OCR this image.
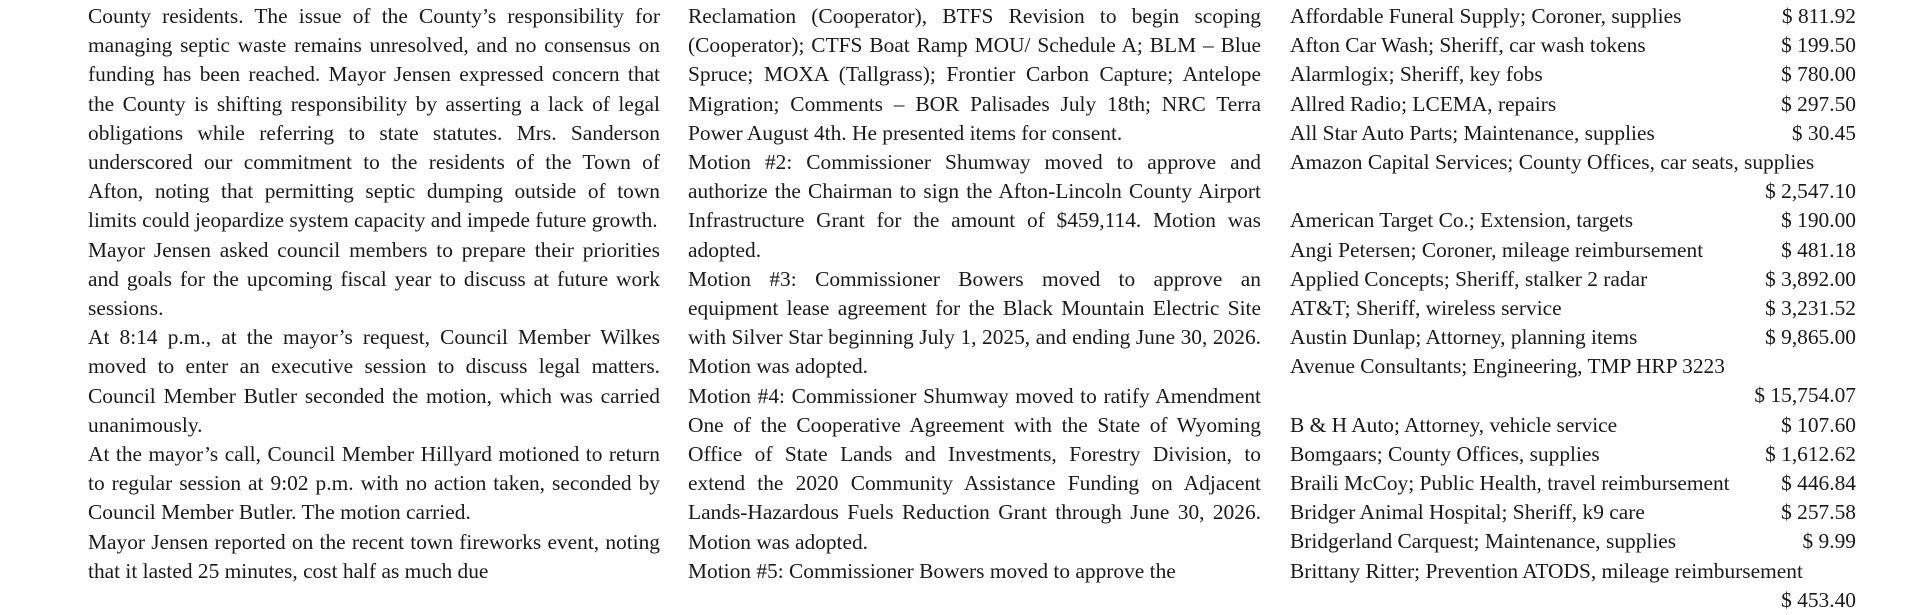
County residents. The issue of the County’s responsibility for managing septic waste remains unresolved, and no consensus on funding has been reached. Mayor Jensen expressed concern that the County is shifting responsibility by asserting a lack of legal obligations while referring to state statutes. Mrs. Sanderson underscored our commitment to the residents of the Town of Afton, noting that permitting septic dumping outside of town limits could jeopardize system capacity and impede future growth.

Mayor Jensen asked council members to prepare their priorities and goals for the upcoming fiscal year to discuss at future work sessions.

At 8:14 p.m., at the mayor’s request, Council Member Wilkes moved to enter an executive session to discuss legal matters. Council Member Butler seconded the motion, which was carried unanimously.

At the mayor’s call, Council Member Hillyard motioned to return to regular session at 9:02 p.m. with no action taken, seconded by Council Member Butler. The motion carried.

Mayor Jensen reported on the recent town fireworks event, noting that it lasted 25 minutes, cost half as much due

Reclamation (Cooperator), BTFS Revision to begin scoping (Cooperator); CTFS Boat Ramp MOU/ Schedule A; BLM – Blue Spruce; MOXA (Tallgrass); Frontier Carbon Capture; Antelope Migration; Comments – BOR Palisades July 18th; NRC Terra Power August 4th. He presented items for consent.

Motion #2: Commissioner Shumway moved to approve and authorize the Chairman to sign the Afton-Lincoln County Airport Infrastructure Grant for the amount of $459,114. Motion was adopted.

Motion #3: Commissioner Bowers moved to approve an equipment lease agreement for the Black Mountain Electric Site with Silver Star beginning July 1, 2025, and ending June 30, 2026. Motion was adopted.

Motion #4: Commissioner Shumway moved to ratify Amendment One of the Cooperative Agreement with the State of Wyoming Office of State Lands and Investments, Forestry Division, to extend the 2020 Community Assistance Funding on Adjacent Lands-Hazardous Fuels Reduction Grant through June 30, 2026. Motion was adopted.

Motion #5: Commissioner Bowers moved to approve the

Affordable Funeral Supply; Coroner, supplies	$ 811.92
Afton Car Wash; Sheriff, car wash tokens	$ 199.50
Alarmlogix; Sheriff, key fobs	$ 780.00
Allred Radio; LCEMA, repairs	$ 297.50
All Star Auto Parts; Maintenance, supplies	$ 30.45
Amazon Capital Services; County Offices, car seats, supplies
$ 2,547.10
American Target Co.; Extension, targets	$ 190.00
Angi Petersen; Coroner, mileage reimbursement	$ 481.18
Applied Concepts; Sheriff, stalker 2 radar	$ 3,892.00
AT&T; Sheriff, wireless service	$ 3,231.52
Austin Dunlap; Attorney, planning items	$ 9,865.00
Avenue Consultants; Engineering, TMP HRP 3223
$ 15,754.07
B & H Auto; Attorney, vehicle service	$ 107.60
Bomgaars; County Offices, supplies	$ 1,612.62
Braili McCoy; Public Health, travel reimbursement $ 446.84
Bridger Animal Hospital; Sheriff, k9 care	$ 257.58
Bridgerland Carquest; Maintenance, supplies	$ 9.99
Brittany Ritter; Prevention ATODS, mileage reimbursement
$ 453.40
